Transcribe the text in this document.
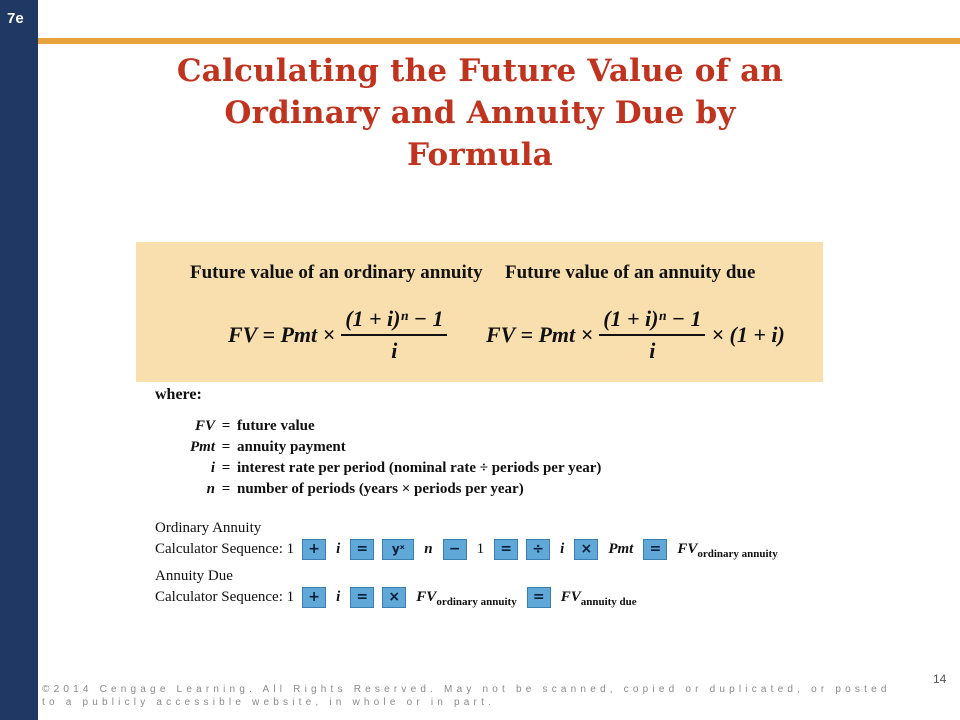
7e
Calculating the Future Value of an
Ordinary and Annuity Due by
Formula
Future value of an ordinary annuity Future value of an annuity due
FV = Pmt × $\frac{\text{(1 + i)ⁿ − 1}}{i}$ FV = Pmt × $\frac{\text{(1 + i)ⁿ − 1}}{i} \times (1 + i)$
where:
FV = future value
Pmt = annuity payment
i = interest rate per period (nominal rate ÷ periods per year)
n = number of periods (years × periods per year)
Ordinary Annuity
Calculator Sequence: 1	+	i	=	yˣ	n	−	1	=	÷	i	×	Pmt	=	FV ordinary annuity
Annuity Due
Calculator Sequence: 1	+	i	=	×	FV ordinary annuity	=	FV annuity due
©2014 Cengage Learning. All Rights Reserved. May not be scanned, copied or duplicated, or posted to a publicly accessible website, in whole or in part.
14
